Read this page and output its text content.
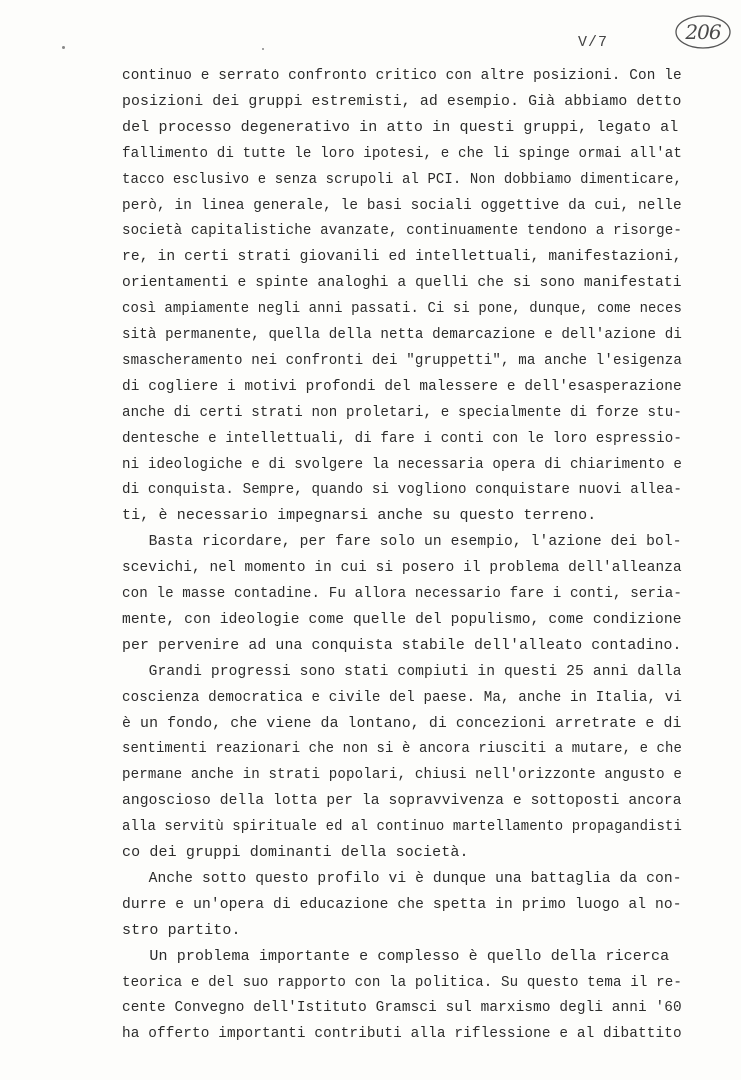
V/7	206
continuo e serrato confronto critico con altre posizioni. Con le
posizioni dei gruppi estremisti, ad esempio. Già abbiamo detto
del processo degenerativo in atto in questi gruppi, legato al
fallimento di tutte le loro ipotesi, e che li spinge ormai all'at
tacco esclusivo e senza scrupoli al PCI. Non dobbiamo dimenticare,
però, in linea generale, le basi sociali oggettive da cui, nelle
società capitalistiche avanzate, continuamente tendono a risorge-
re, in certi strati giovanili ed intellettuali, manifestazioni,
orientamenti e spinte analoghi a quelli che si sono manifestati
così ampiamente negli anni passati. Ci si pone, dunque, come neces
sità permanente, quella della netta demarcazione e dell'azione di
smascheramento nei confronti dei "gruppetti", ma anche l'esigenza
di cogliere i motivi profondi del malessere e dell'esasperazione
anche di certi strati non proletari, e specialmente di forze stu-
dentesche e intellettuali, di fare i conti con le loro espressio-
ni ideologiche e di svolgere la necessaria opera di chiarimento e
di conquista. Sempre, quando si vogliono conquistare nuovi allea-
ti, è necessario impegnarsi anche su questo terreno.
Basta ricordare, per fare solo un esempio, l'azione dei bol-
scevichi, nel momento in cui si posero il problema dell'alleanza
con le masse contadine. Fu allora necessario fare i conti, seria-
mente, con ideologie come quelle del populismo, come condizione
per pervenire ad una conquista stabile dell'alleato contadino.
Grandi progressi sono stati compiuti in questi 25 anni dalla
coscienza democratica e civile del paese. Ma, anche in Italia, vi
è un fondo, che viene da lontano, di concezioni arretrate e di
sentimenti reazionari che non si è ancora riusciti a mutare, e che
permane anche in strati popolari, chiusi nell'orizzonte angusto e
angoscioso della lotta per la sopravvivenza e sottoposti ancora
alla servitù spirituale ed al continuo martellamento propagandisti
co dei gruppi dominanti della società.
Anche sotto questo profilo vi è dunque una battaglia da con-
durre e un'opera di educazione che spetta in primo luogo al no-
stro partito.
Un problema importante e complesso è quello della ricerca
teorica e del suo rapporto con la politica. Su questo tema il re-
cente Convegno dell'Istituto Gramsci sul marxismo degli anni '60
ha offerto importanti contributi alla riflessione e al dibattito
